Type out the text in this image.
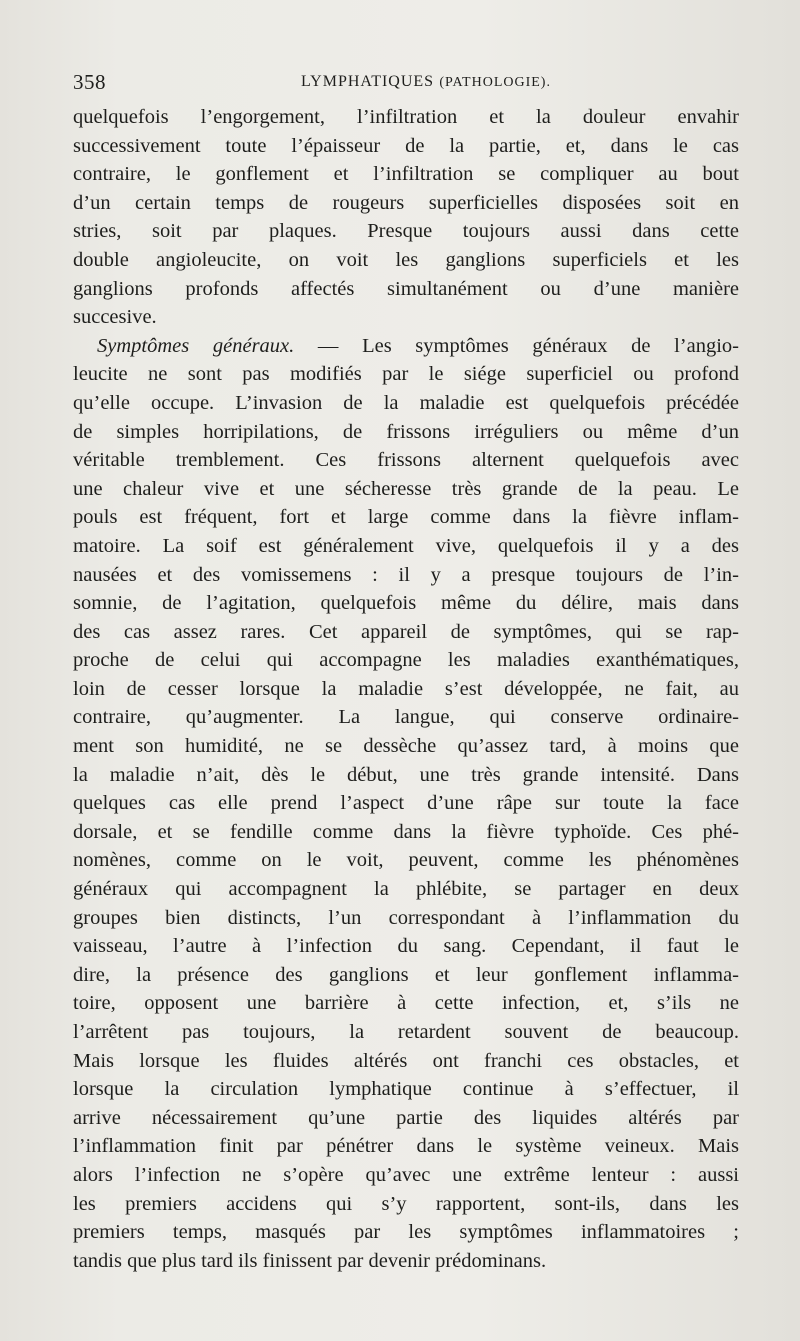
358	LYMPHATIQUES (PATHOLOGIE).
quelquefois l’engorgement, l’infiltration et la douleur envahir
successivement toute l’épaisseur de la partie, et, dans le cas
contraire, le gonflement et l’infiltration se compliquer au bout
d’un certain temps de rougeurs superficielles disposées soit en
stries, soit par plaques. Presque toujours aussi dans cette
double angioleucite, on voit les ganglions superficiels et les
ganglions profonds affectés simultanément ou d’une manière
succesive.
Symptômes généraux. — Les symptômes généraux de l’angio-
leucite ne sont pas modifiés par le siége superficiel ou profond
qu’elle occupe. L’invasion de la maladie est quelquefois précédée
de simples horripilations, de frissons irréguliers ou même d’un
véritable tremblement. Ces frissons alternent quelquefois avec
une chaleur vive et une sécheresse très grande de la peau. Le
pouls est fréquent, fort et large comme dans la fièvre inflam-
matoire. La soif est généralement vive, quelquefois il y a des
nausées et des vomissemens : il y a presque toujours de l’in-
somnie, de l’agitation, quelquefois même du délire, mais dans
des cas assez rares. Cet appareil de symptômes, qui se rap-
proche de celui qui accompagne les maladies exanthématiques,
loin de cesser lorsque la maladie s’est développée, ne fait, au
contraire, qu’augmenter. La langue, qui conserve ordinaire-
ment son humidité, ne se dessèche qu’assez tard, à moins que
la maladie n’ait, dès le début, une très grande intensité. Dans
quelques cas elle prend l’aspect d’une râpe sur toute la face
dorsale, et se fendille comme dans la fièvre typhoïde. Ces phé-
nomènes, comme on le voit, peuvent, comme les phénomènes
généraux qui accompagnent la phlébite, se partager en deux
groupes bien distincts, l’un correspondant à l’inflammation du
vaisseau, l’autre à l’infection du sang. Cependant, il faut le
dire, la présence des ganglions et leur gonflement inflamma-
toire, opposent une barrière à cette infection, et, s’ils ne
l’arrêtent pas toujours, la retardent souvent de beaucoup.
Mais lorsque les fluides altérés ont franchi ces obstacles, et
lorsque la circulation lymphatique continue à s’effectuer, il
arrive nécessairement qu’une partie des liquides altérés par
l’inflammation finit par pénétrer dans le système veineux. Mais
alors l’infection ne s’opère qu’avec une extrême lenteur : aussi
les premiers accidens qui s’y rapportent, sont-ils, dans les
premiers temps, masqués par les symptômes inflammatoires ;
tandis que plus tard ils finissent par devenir prédominans.
